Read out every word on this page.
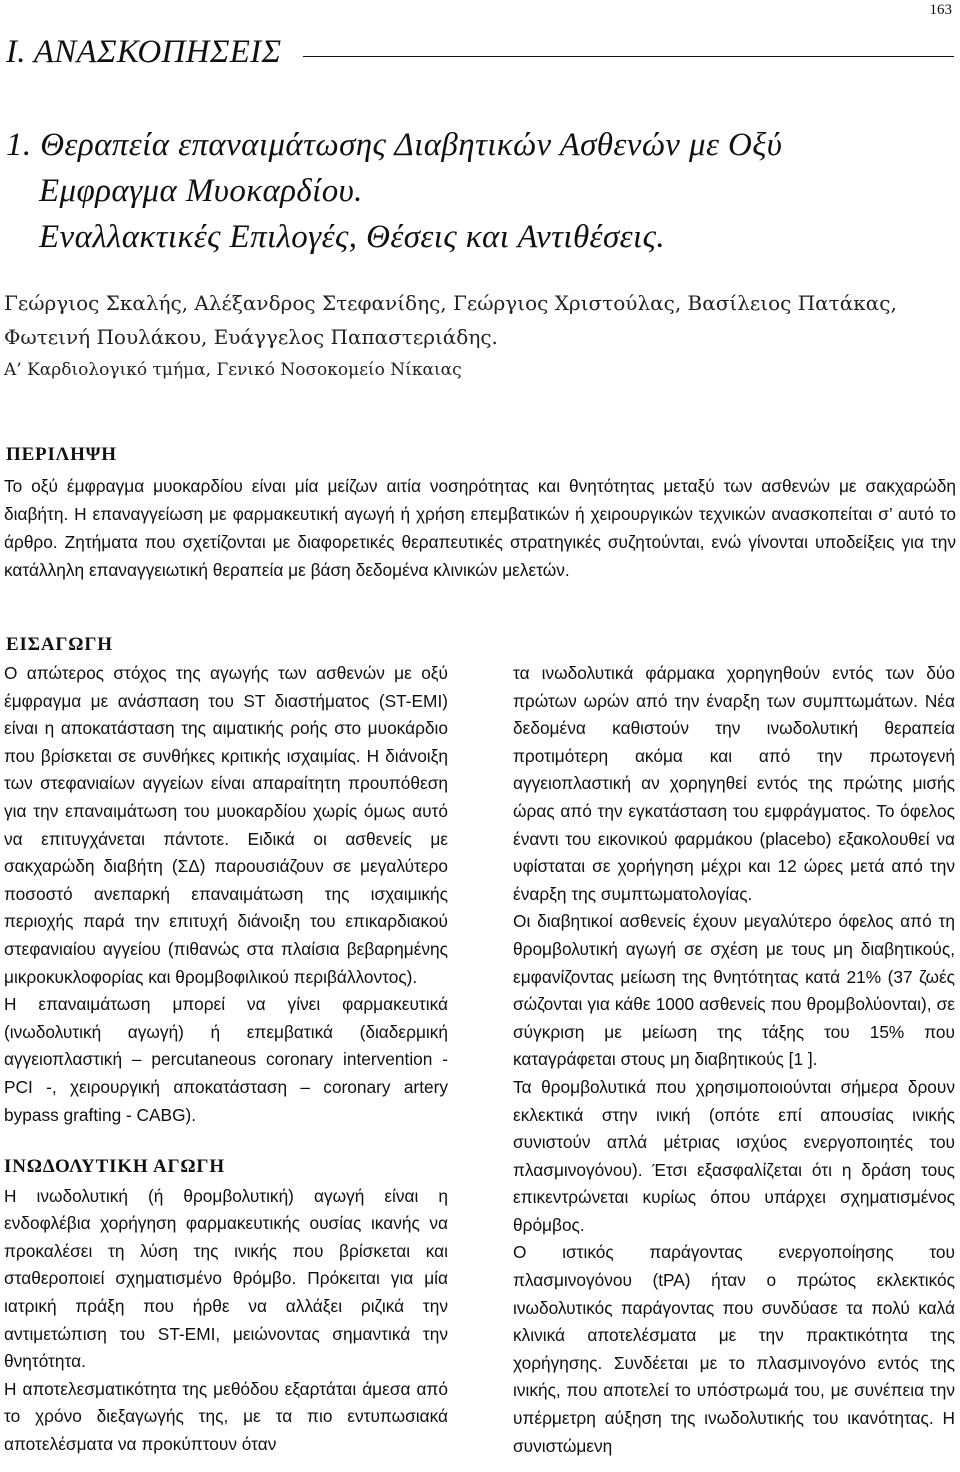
163
Ι. ΑΝΑΣΚΟΠΗΣΕΙΣ
1. Θεραπεία επαναιμάτωσης Διαβητικών Ασθενών με Οξύ
Εμφραγμα Μυοκαρδίου.
Εναλλακτικές Επιλογές, Θέσεις και Αντιθέσεις.
Γεώργιος Σκαλής, Αλέξανδρος Στεφανίδης, Γεώργιος Χριστούλας, Βασίλειος Πατάκας, Φωτεινή Πουλάκου, Ευάγγελος Παπαστεριάδης.
Α’ Καρδιολογικό τμήμα, Γενικό Νοσοκομείο Νίκαιας
ΠΕΡΙΛΗΨΗ
Το οξύ έμφραγμα μυοκαρδίου είναι μία μείζων αιτία νοσηρότητας και θνητότητας μεταξύ των ασθενών με σακχαρώδη διαβήτη. Η επαναγγείωση με φαρμακευτική αγωγή ή χρήση επεμβατικών ή χειρουργικών τεχνικών ανασκοπείται σ’ αυτό το άρθρο. Ζητήματα που σχετίζονται με διαφορετικές θεραπευτικές στρατηγικές συζητούνται, ενώ γίνονται υποδείξεις για την κατάλληλη επαναγγειωτική θεραπεία με βάση δεδομένα κλινικών μελετών.
ΕΙΣΑΓΩΓΗ

Ο απώτερος στόχος της αγωγής των ασθενών με οξύ έμφραγμα με ανάσπαση του ST διαστήματος (ST-EMI) είναι η αποκατάσταση της αιματικής ροής στο μυοκάρδιο που βρίσκεται σε συνθήκες κριτικής ισχαιμίας. Η διάνοιξη των στεφανιαίων αγγείων είναι απαραίτητη προυπόθεση για την επαναιμάτωση του μυοκαρδίου χωρίς όμως αυτό να επιτυγχάνεται πάντοτε. Ειδικά οι ασθενείς με σακχαρώδη διαβήτη (ΣΔ) παρουσιάζουν σε μεγαλύτερο ποσοστό ανεπαρκή επαναιμάτωση της ισχαιμικής περιοχής παρά την επιτυχή διάνοιξη του επικαρδιακού στεφανιαίου αγγείου (πιθανώς στα πλαίσια βεβαρημένης μικροκυκλοφορίας και θρομβοφιλικού περιβάλλοντος).

Η επαναιμάτωση μπορεί να γίνει φαρμακευτικά (ινωδολυτική αγωγή) ή επεμβατικά (διαδερμική αγγειοπλαστική – percutaneous coronary intervention - PCI -, χειρουργική αποκατάσταση – coronary artery bypass grafting - CABG).

ΙΝΩΔΟΛΥΤΙΚΗ ΑΓΩΓΗ

Η ινωδολυτική (ή θρομβολυτική) αγωγή είναι η ενδοφλέβια χορήγηση φαρμακευτικής ουσίας ικανής να προκαλέσει τη λύση της ινικής που βρίσκεται και σταθεροποιεί σχηματισμένο θρόμβο. Πρόκειται για μία ιατρική πράξη που ήρθε να αλλάξει ριζικά την αντιμετώπιση του ST-EMI, μειώνοντας σημαντικά την θνητότητα.

Η αποτελεσματικότητα της μεθόδου εξαρτάται άμεσα από το χρόνο διεξαγωγής της, με τα πιο εντυπωσιακά αποτελέσματα να προκύπτουν όταν

τα ινωδολυτικά φάρμακα χορηγηθούν εντός των δύο πρώτων ωρών από την έναρξη των συμπτωμάτων. Νέα δεδομένα καθιστούν την ινωδολυτική θεραπεία προτιμότερη ακόμα και από την πρωτογενή αγγειοπλαστική αν χορηγηθεί εντός της πρώτης μισής ώρας από την εγκατάσταση του εμφράγματος. Το όφελος έναντι του εικονικού φαρμάκου (placebo) εξακολουθεί να υφίσταται σε χορήγηση μέχρι και 12 ώρες μετά από την έναρξη της συμπτωματολογίας.

Οι διαβητικοί ασθενείς έχουν μεγαλύτερο όφελος από τη θρομβολυτική αγωγή σε σχέση με τους μη διαβητικούς, εμφανίζοντας μείωση της θνητότητας κατά 21% (37 ζωές σώζονται για κάθε 1000 ασθενείς που θρομβολύονται), σε σύγκριση με μείωση της τάξης του 15% που καταγράφεται στους μη διαβητικούς [1 ].

Τα θρομβολυτικά που χρησιμοποιούνται σήμερα δρουν εκλεκτικά στην ινική (οπότε επί απουσίας ινικής συνιστούν απλά μέτριας ισχύος ενεργοποιητές του πλασμινογόνου). Έτσι εξασφαλίζεται ότι η δράση τους επικεντρώνεται κυρίως όπου υπάρχει σχηματισμένος θρόμβος.

Ο ιστικός παράγοντας ενεργοποίησης του πλασμινογόνου (tPA) ήταν ο πρώτος εκλεκτικός ινωδολυτικός παράγοντας που συνδύασε τα πολύ καλά κλινικά αποτελέσματα με την πρακτικότητα της χορήγησης. Συνδέεται με το πλασμινογόνο εντός της ινικής, που αποτελεί το υπόστρωμά του, με συνέπεια την υπέρμετρη αύξηση της ινωδολυτικής του ικανότητας. Η συνιστώμενη
